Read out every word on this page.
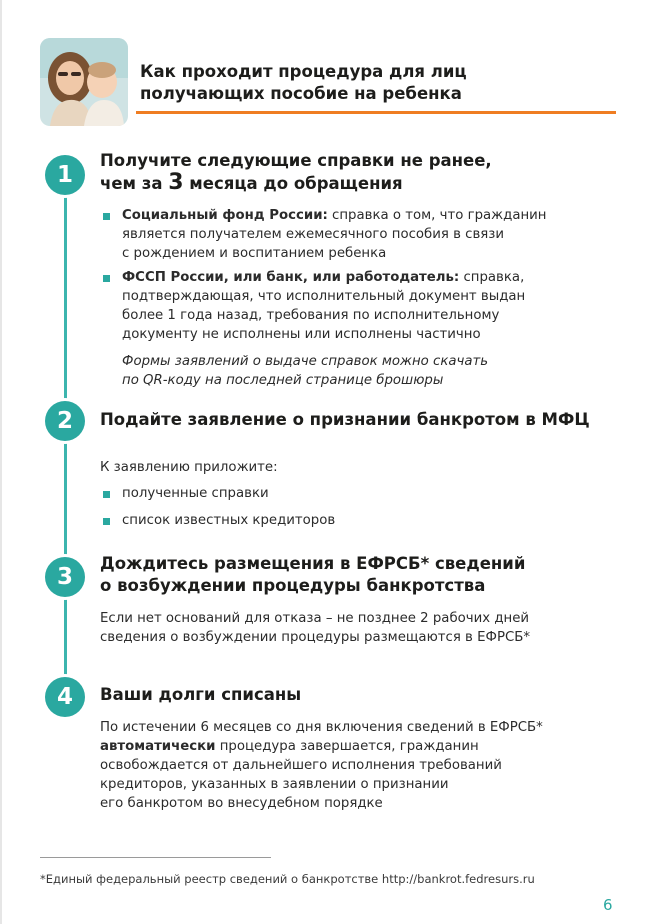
Как проходит процедура для лиц
получающих пособие на ребенка
1
Получите следующие справки не ранее,
чем за 3 месяца до обращения
Социальный фонд России: справка о том, что гражданин
является получателем ежемесячного пособия в связи
с рождением и воспитанием ребенка
ФССП России, или банк, или работодатель: справка,
подтверждающая, что исполнительный документ выдан
более 1 года назад, требования по исполнительному
документу не исполнены или исполнены частично
Формы заявлений о выдаче справок можно скачать
по QR-коду на последней странице брошюры
2	Подайте заявление о признании банкротом в МФЦ
К заявлению приложите:
полученные справки
список известных кредиторов
3
Дождитесь размещения в ЕФРСБ* сведений
о возбуждении процедуры банкротства
Если нет оснований для отказа – не позднее 2 рабочих дней
сведения о возбуждении процедуры размещаются в ЕФРСБ*
4	Ваши долги списаны
По истечении 6 месяцев со дня включения сведений в ЕФРСБ*
автоматически процедура завершается, гражданин
освобождается от дальнейшего исполнения требований
кредиторов, указанных в заявлении о признании
его банкротом во внесудебном порядке
*Единый федеральный реестр сведений о банкротстве http://bankrot.fedresurs.ru
6
